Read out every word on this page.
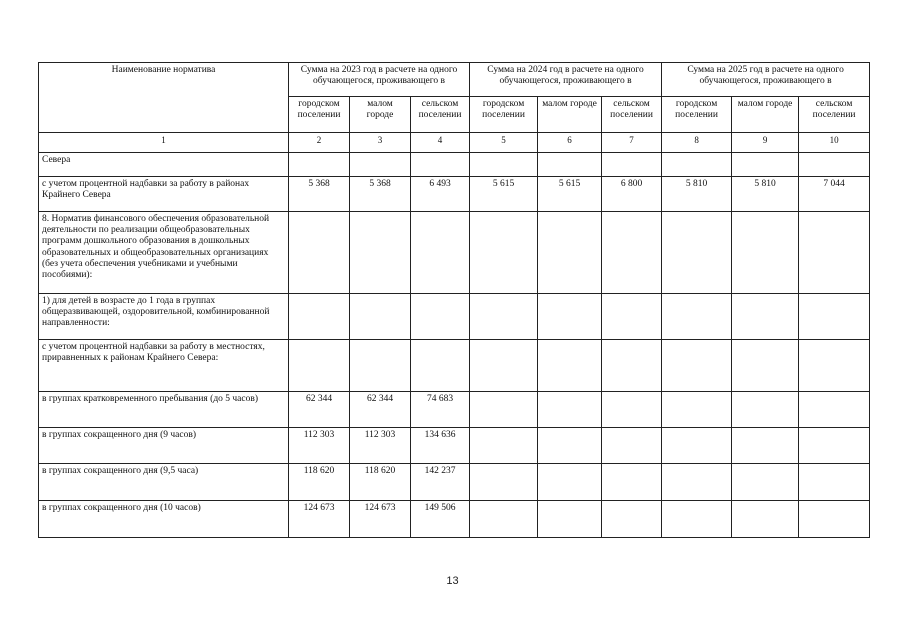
Наименование норматива	Сумма на 2023 год в расчете на одного обучающегося, проживающего в			Сумма на 2024 год в расчете на одного обучающегося, проживающего в			Сумма на 2025 год в расчете на одного обучающегося, проживающего в		
	городском поселении	малом городе	сельском поселении	городском поселении	малом городе	сельском поселении	городском поселении	малом городе	сельском поселении
1	2	3	4	5	6	7	8	9	10
Севера									
с учетом процентной надбавки за работу в районах Крайнего Севера	5 368	5 368	6 493	5 615	5 615	6 800	5 810	5 810	7 044
8. Норматив финансового обеспечения образовательной деятельности по реализации общеобразовательных программ дошкольного образования в дошкольных образовательных и общеобразовательных организациях (без учета обеспечения учебниками и учебными пособиями):									
1) для детей в возрасте до 1 года в группах общеразвивающей, оздоровительной, комбинированной направленности:									
с учетом процентной надбавки за работу в местностях, приравненных к районам Крайнего Севера:									
в группах кратковременного пребывания (до 5 часов)	62 344	62 344	74 683						
в группах сокращенного дня (9 часов)	112 303	112 303	134 636						
в группах сокращенного дня (9,5 часа)	118 620	118 620	142 237						
в группах сокращенного дня (10 часов)	124 673	124 673	149 506						
13
